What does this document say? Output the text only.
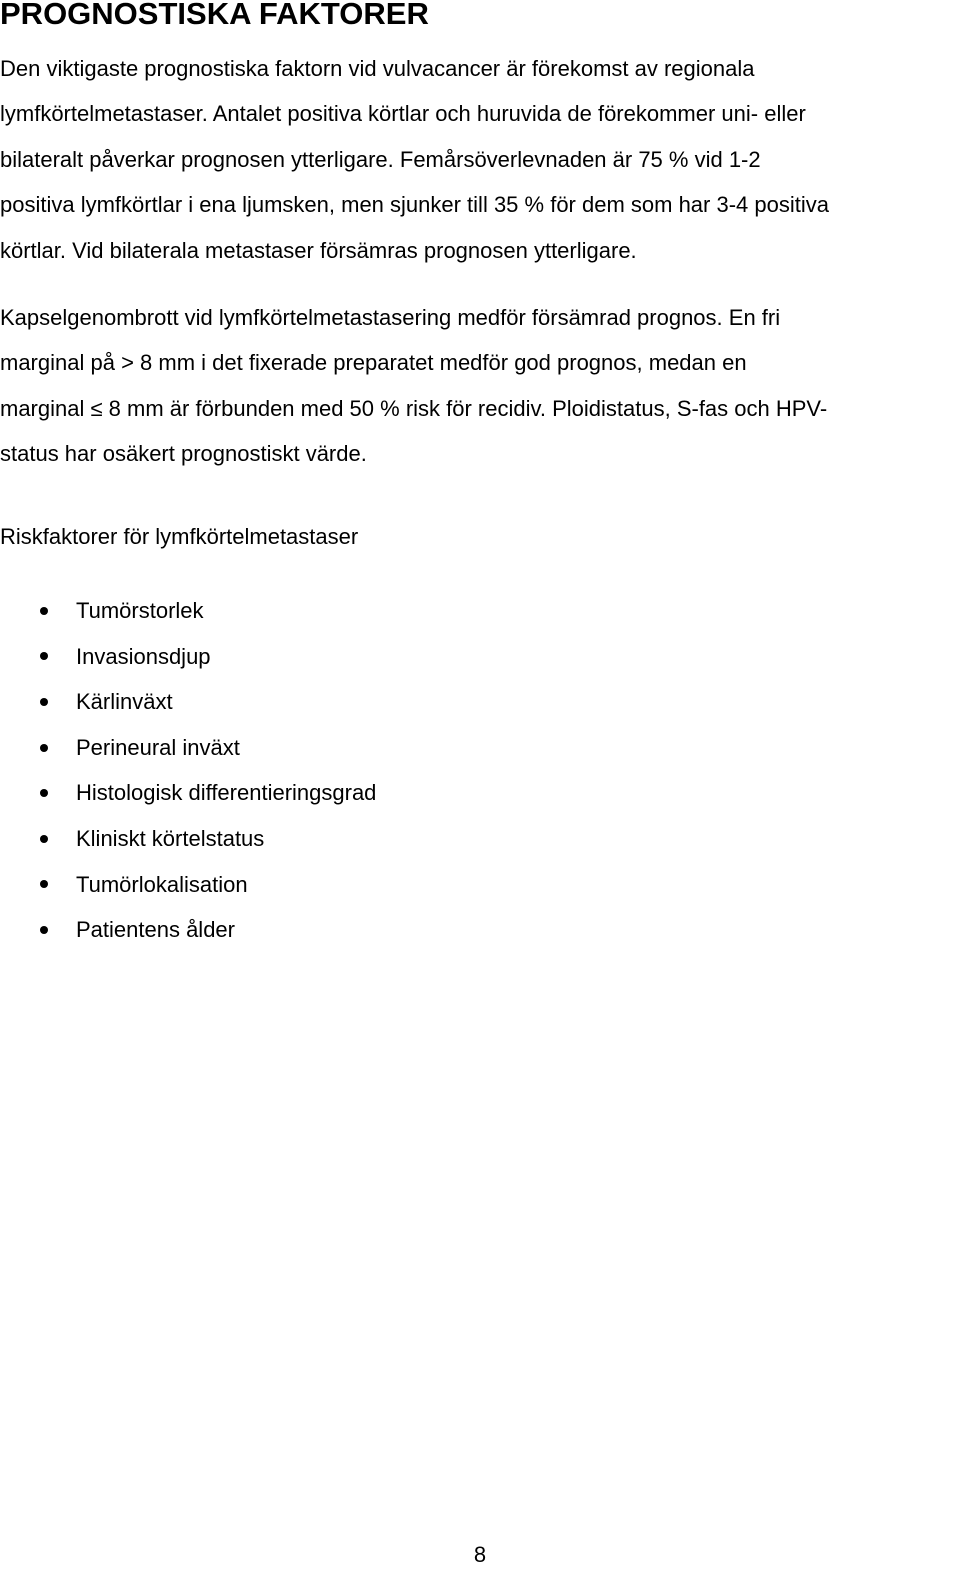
PROGNOSTISKA FAKTORER

Den viktigaste prognostiska faktorn vid vulvacancer är förekomst av regionala
lymfkörtelmetastaser. Antalet positiva körtlar och huruvida de förekommer uni- eller
bilateralt påverkar prognosen ytterligare. Femårsöverlevnaden är 75 % vid 1-2
positiva lymfkörtlar i ena ljumsken, men sjunker till 35 % för dem som har 3-4 positiva
körtlar. Vid bilaterala metastaser försämras prognosen ytterligare.

Kapselgenombrott vid lymfkörtelmetastasering medför försämrad prognos. En fri
marginal på > 8 mm i det fixerade preparatet medför god prognos, medan en
marginal ≤ 8 mm är förbunden med 50 % risk för recidiv. Ploidistatus, S-fas och HPV-
status har osäkert prognostiskt värde.

Riskfaktorer för lymfkörtelmetastaser

Tumörstorlek
Invasionsdjup
Kärlinväxt
Perineural inväxt
Histologisk differentieringsgrad
Kliniskt körtelstatus
Tumörlokalisation
Patientens ålder
8
